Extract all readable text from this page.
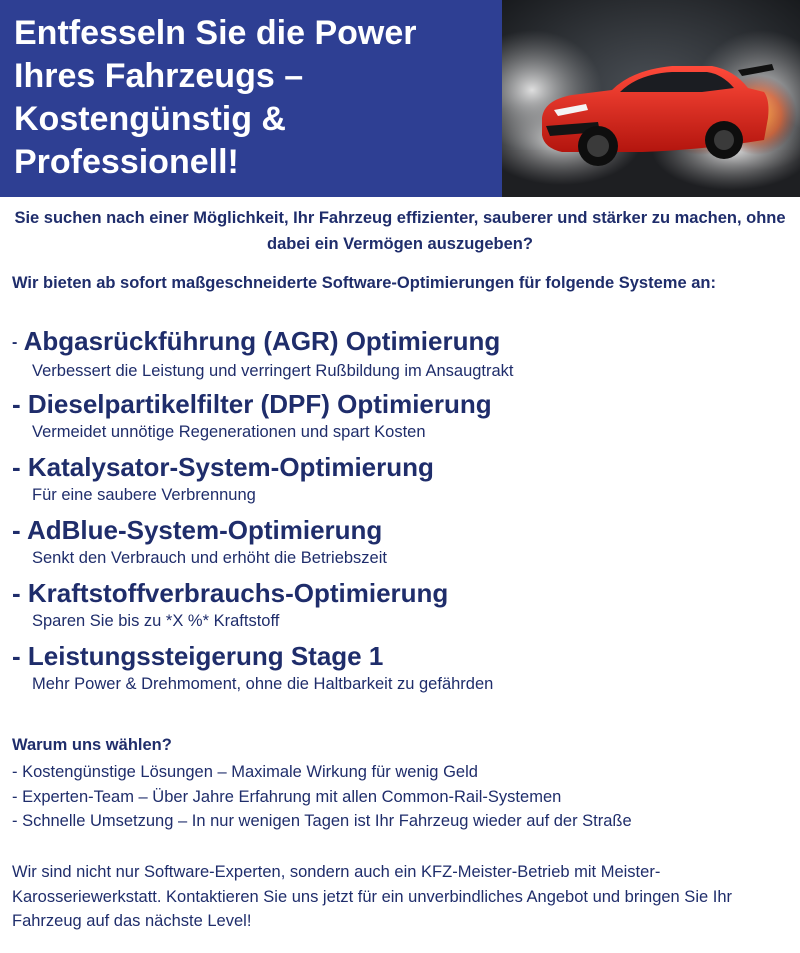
Entfesseln Sie die Power Ihres Fahrzeugs – Kostengünstig & Professionell!

Sie suchen nach einer Möglichkeit, Ihr Fahrzeug effizienter, sauberer und stärker zu machen, ohne dabei ein Vermögen auszugeben?

Wir bieten ab sofort maßgeschneiderte Software-Optimierungen für folgende Systeme an:

- Abgasrückführung (AGR) Optimierung
Verbessert die Leistung und verringert Rußbildung im Ansaugtrakt
- Dieselpartikelfilter (DPF) Optimierung
Vermeidet unnötige Regenerationen und spart Kosten
- Katalysator-System-Optimierung
Für eine saubere Verbrennung
- AdBlue-System-Optimierung
Senkt den Verbrauch und erhöht die Betriebszeit
- Kraftstoffverbrauchs-Optimierung
Sparen Sie bis zu *X %* Kraftstoff
- Leistungssteigerung Stage 1
Mehr Power & Drehmoment, ohne die Haltbarkeit zu gefährden
Warum uns wählen?
- Kostengünstige Lösungen – Maximale Wirkung für wenig Geld
- Experten-Team – Über Jahre Erfahrung mit allen Common-Rail-Systemen
- Schnelle Umsetzung – In nur wenigen Tagen ist Ihr Fahrzeug wieder auf der Straße

Wir sind nicht nur Software-Experten, sondern auch ein KFZ-Meister-Betrieb mit Meister-Karosseriewerkstatt. Kontaktieren Sie uns jetzt für ein unverbindliches Angebot und bringen Sie Ihr Fahrzeug auf das nächste Level!
